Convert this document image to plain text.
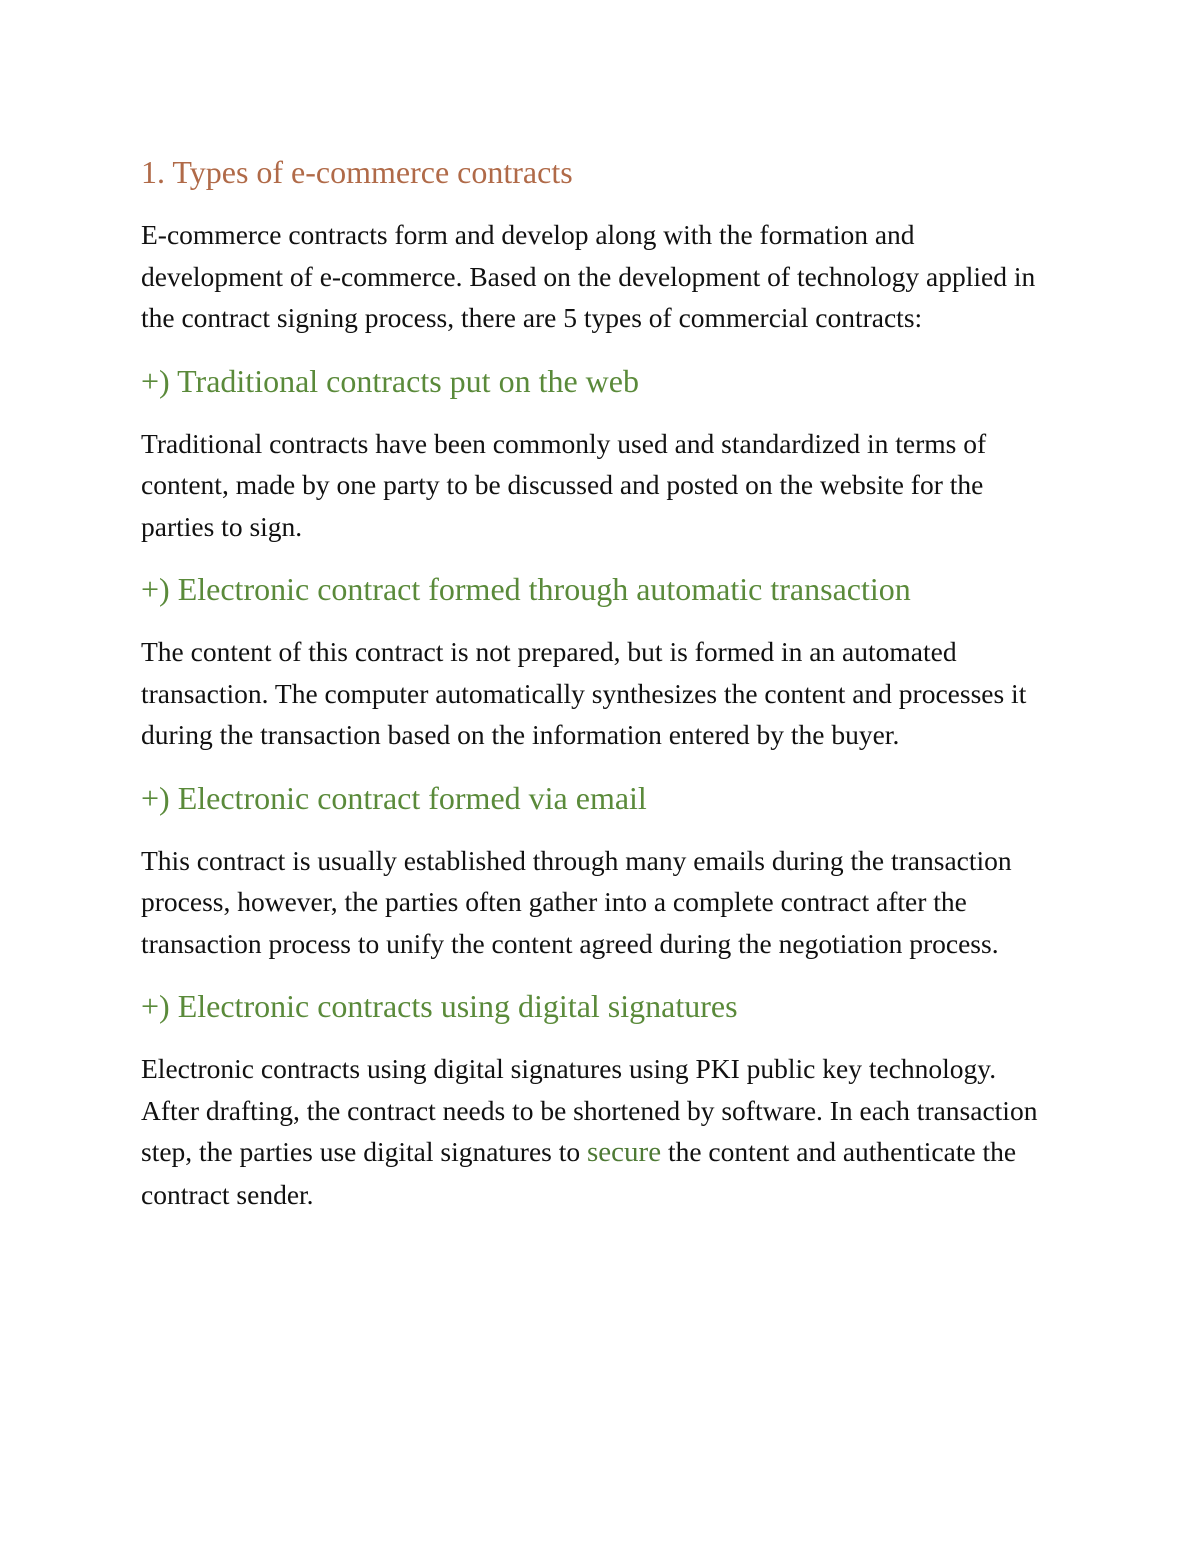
1. Types of e-commerce contracts

E-commerce contracts form and develop along with the formation and development of e-commerce. Based on the development of technology applied in the contract signing process, there are 5 types of commercial contracts:

+) Traditional contracts put on the web

Traditional contracts have been commonly used and standardized in terms of content, made by one party to be discussed and posted on the website for the parties to sign.

+) Electronic contract formed through automatic transaction

The content of this contract is not prepared, but is formed in an automated transaction. The computer automatically synthesizes the content and processes it during the transaction based on the information entered by the buyer.

+) Electronic contract formed via email

This contract is usually established through many emails during the transaction process, however, the parties often gather into a complete contract after the transaction process to unify the content agreed during the negotiation process.

+) Electronic contracts using digital signatures

Electronic contracts using digital signatures using PKI public key technology. After drafting, the contract needs to be shortened by software. In each transaction step, the parties use digital signatures to secure the content and authenticate the contract sender.
